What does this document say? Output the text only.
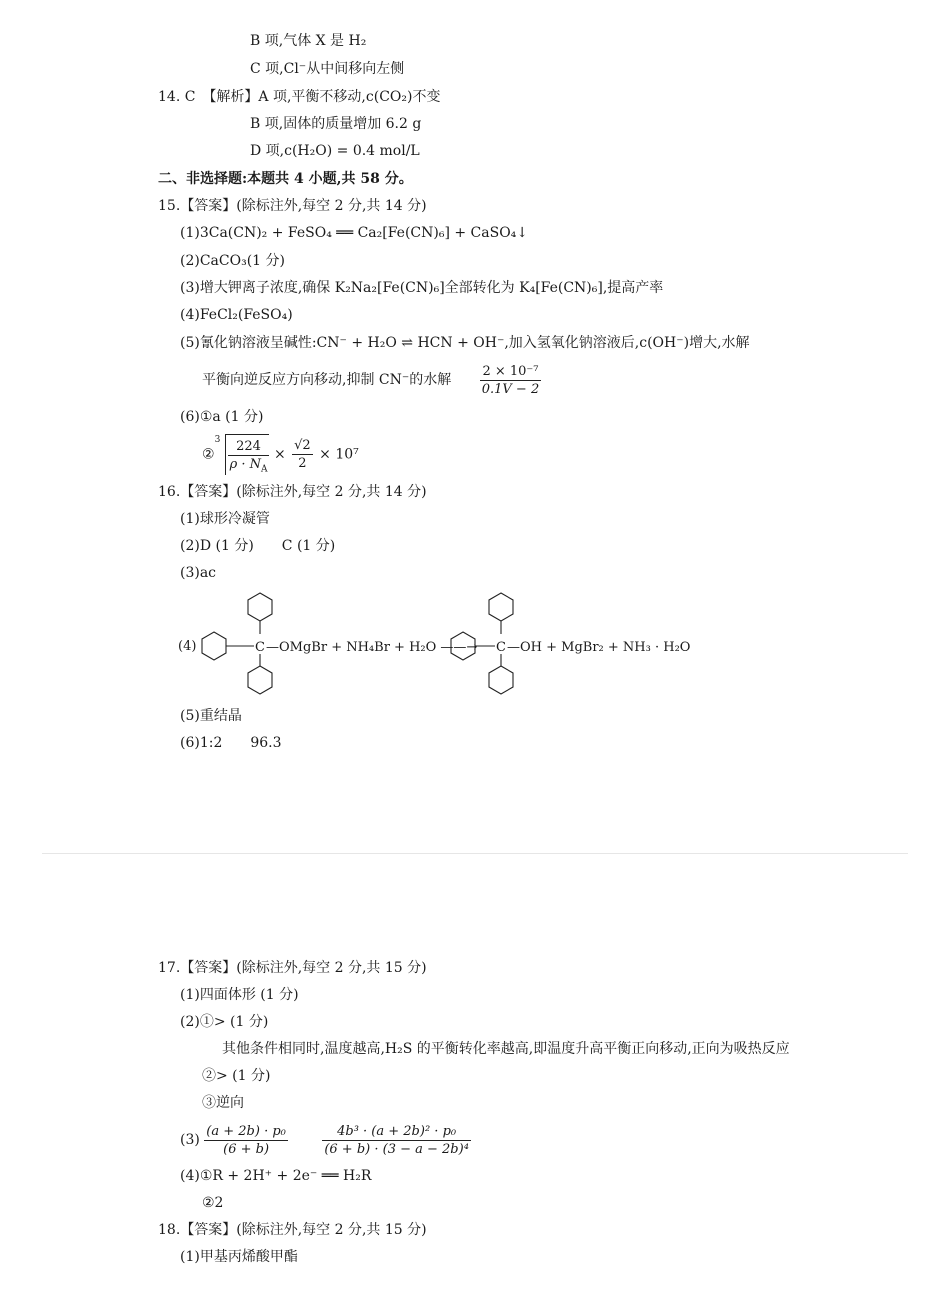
B 项,气体 X 是 H₂
C 项,Cl⁻从中间移向左侧
14. C　【解析】A 项,平衡不移动,c(CO₂)不变
B 项,固体的质量增加 6.2 g
D 项,c(H₂O) = 0.4 mol/L
二、非选择题:本题共 4 小题,共 58 分。
15.【答案】(除标注外,每空 2 分,共 14 分)
(1)3Ca(CN)₂ + FeSO₄ ══ Ca₂[Fe(CN)₆] + CaSO₄↓
(2)CaCO₃(1 分)
(3)增大钾离子浓度,确保 K₂Na₂[Fe(CN)₆]全部转化为 K₄[Fe(CN)₆],提高产率
(4)FeCl₂(FeSO₄)
(5)氰化钠溶液呈碱性:CN⁻ + H₂O ⇌ HCN + OH⁻,加入氢氧化钠溶液后,c(OH⁻)增大,水解
平衡向逆反应方向移动,抑制 CN⁻的水解 $\frac{\text{2 × 10⁻⁷}}{0.1V - 2}$
(6)①a (1 分)
②
$3 \frac{224}{\rho \cdot N_A} \times \frac{√2}{2} \times 10^7$
16.【答案】(除标注外,每空 2 分,共 14 分)
(1)球形冷凝管
(2)D (1 分)　　C (1 分)
(3)ac
(4)	C —OMgBr + NH₄Br + H₂O ——→ C —OH + MgBr₂ + NH₃ · H₂O
(5)重结晶
(6)1:2　　96.3
17.【答案】(除标注外,每空 2 分,共 15 分)
(1)四面体形 (1 分)
(2)①> (1 分)
其他条件相同时,温度越高,H₂S 的平衡转化率越高,即温度升高平衡正向移动,正向为吸热反应
②> (1 分)
③逆向
$(3) \frac{\text{(a + 2b) · p₀}}{(6 + b)}$
	$\frac{\text{4b³ · (a + 2b)² · p₀}}{\text{(6 + b) · (3 − a − 2b)⁴}}$
(4)①R + 2H⁺ + 2e⁻ ══ H₂R
②2
18.【答案】(除标注外,每空 2 分,共 15 分)
(1)甲基丙烯酸甲酯
